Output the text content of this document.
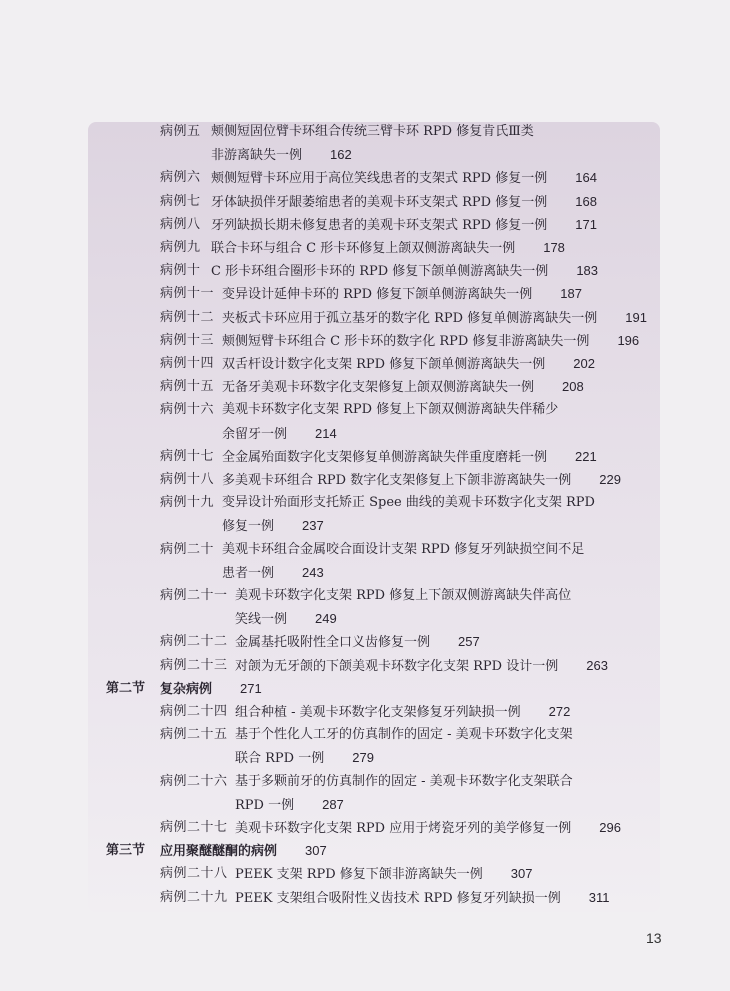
病例五 颊侧短固位臂卡环组合传统三臂卡环 RPD 修复肯氏Ⅲ类
非游离缺失一例 162
病例六 颊侧短臂卡环应用于高位笑线患者的支架式 RPD 修复一例 164
病例七 牙体缺损伴牙龈萎缩患者的美观卡环支架式 RPD 修复一例 168
病例八 牙列缺损长期未修复患者的美观卡环支架式 RPD 修复一例 171
病例九 联合卡环与组合 C 形卡环修复上颌双侧游离缺失一例 178
病例十 C 形卡环组合圈形卡环的 RPD 修复下颌单侧游离缺失一例 183
病例十一 变异设计延伸卡环的 RPD 修复下颌单侧游离缺失一例 187
病例十二 夹板式卡环应用于孤立基牙的数字化 RPD 修复单侧游离缺失一例 191
病例十三 颊侧短臂卡环组合 C 形卡环的数字化 RPD 修复非游离缺失一例 196
病例十四 双舌杆设计数字化支架 RPD 修复下颌单侧游离缺失一例 202
病例十五 无备牙美观卡环数字化支架修复上颌双侧游离缺失一例 208
病例十六 美观卡环数字化支架 RPD 修复上下颌双侧游离缺失伴稀少
余留牙一例 214
病例十七 全金属殆面数字化支架修复单侧游离缺失伴重度磨耗一例 221
病例十八 多美观卡环组合 RPD 数字化支架修复上下颌非游离缺失一例 229
病例十九 变异设计殆面形支托矫正 Spee 曲线的美观卡环数字化支架 RPD
修复一例 237
病例二十 美观卡环组合金属咬合面设计支架 RPD 修复牙列缺损空间不足
患者一例 243
病例二十一 美观卡环数字化支架 RPD 修复上下颌双侧游离缺失伴高位
笑线一例 249
病例二十二 金属基托吸附性全口义齿修复一例 257
病例二十三 对颌为无牙颌的下颌美观卡环数字化支架 RPD 设计一例 263
第二节 复杂病例 271
病例二十四 组合种植 - 美观卡环数字化支架修复牙列缺损一例 272
病例二十五 基于个性化人工牙的仿真制作的固定 - 美观卡环数字化支架
联合 RPD 一例 279
病例二十六 基于多颗前牙的仿真制作的固定 - 美观卡环数字化支架联合
RPD 一例 287
病例二十七 美观卡环数字化支架 RPD 应用于烤瓷牙列的美学修复一例 296
第三节 应用聚醚醚酮的病例 307
病例二十八 PEEK 支架 RPD 修复下颌非游离缺失一例 307
病例二十九 PEEK 支架组合吸附性义齿技术 RPD 修复牙列缺损一例 311
13
